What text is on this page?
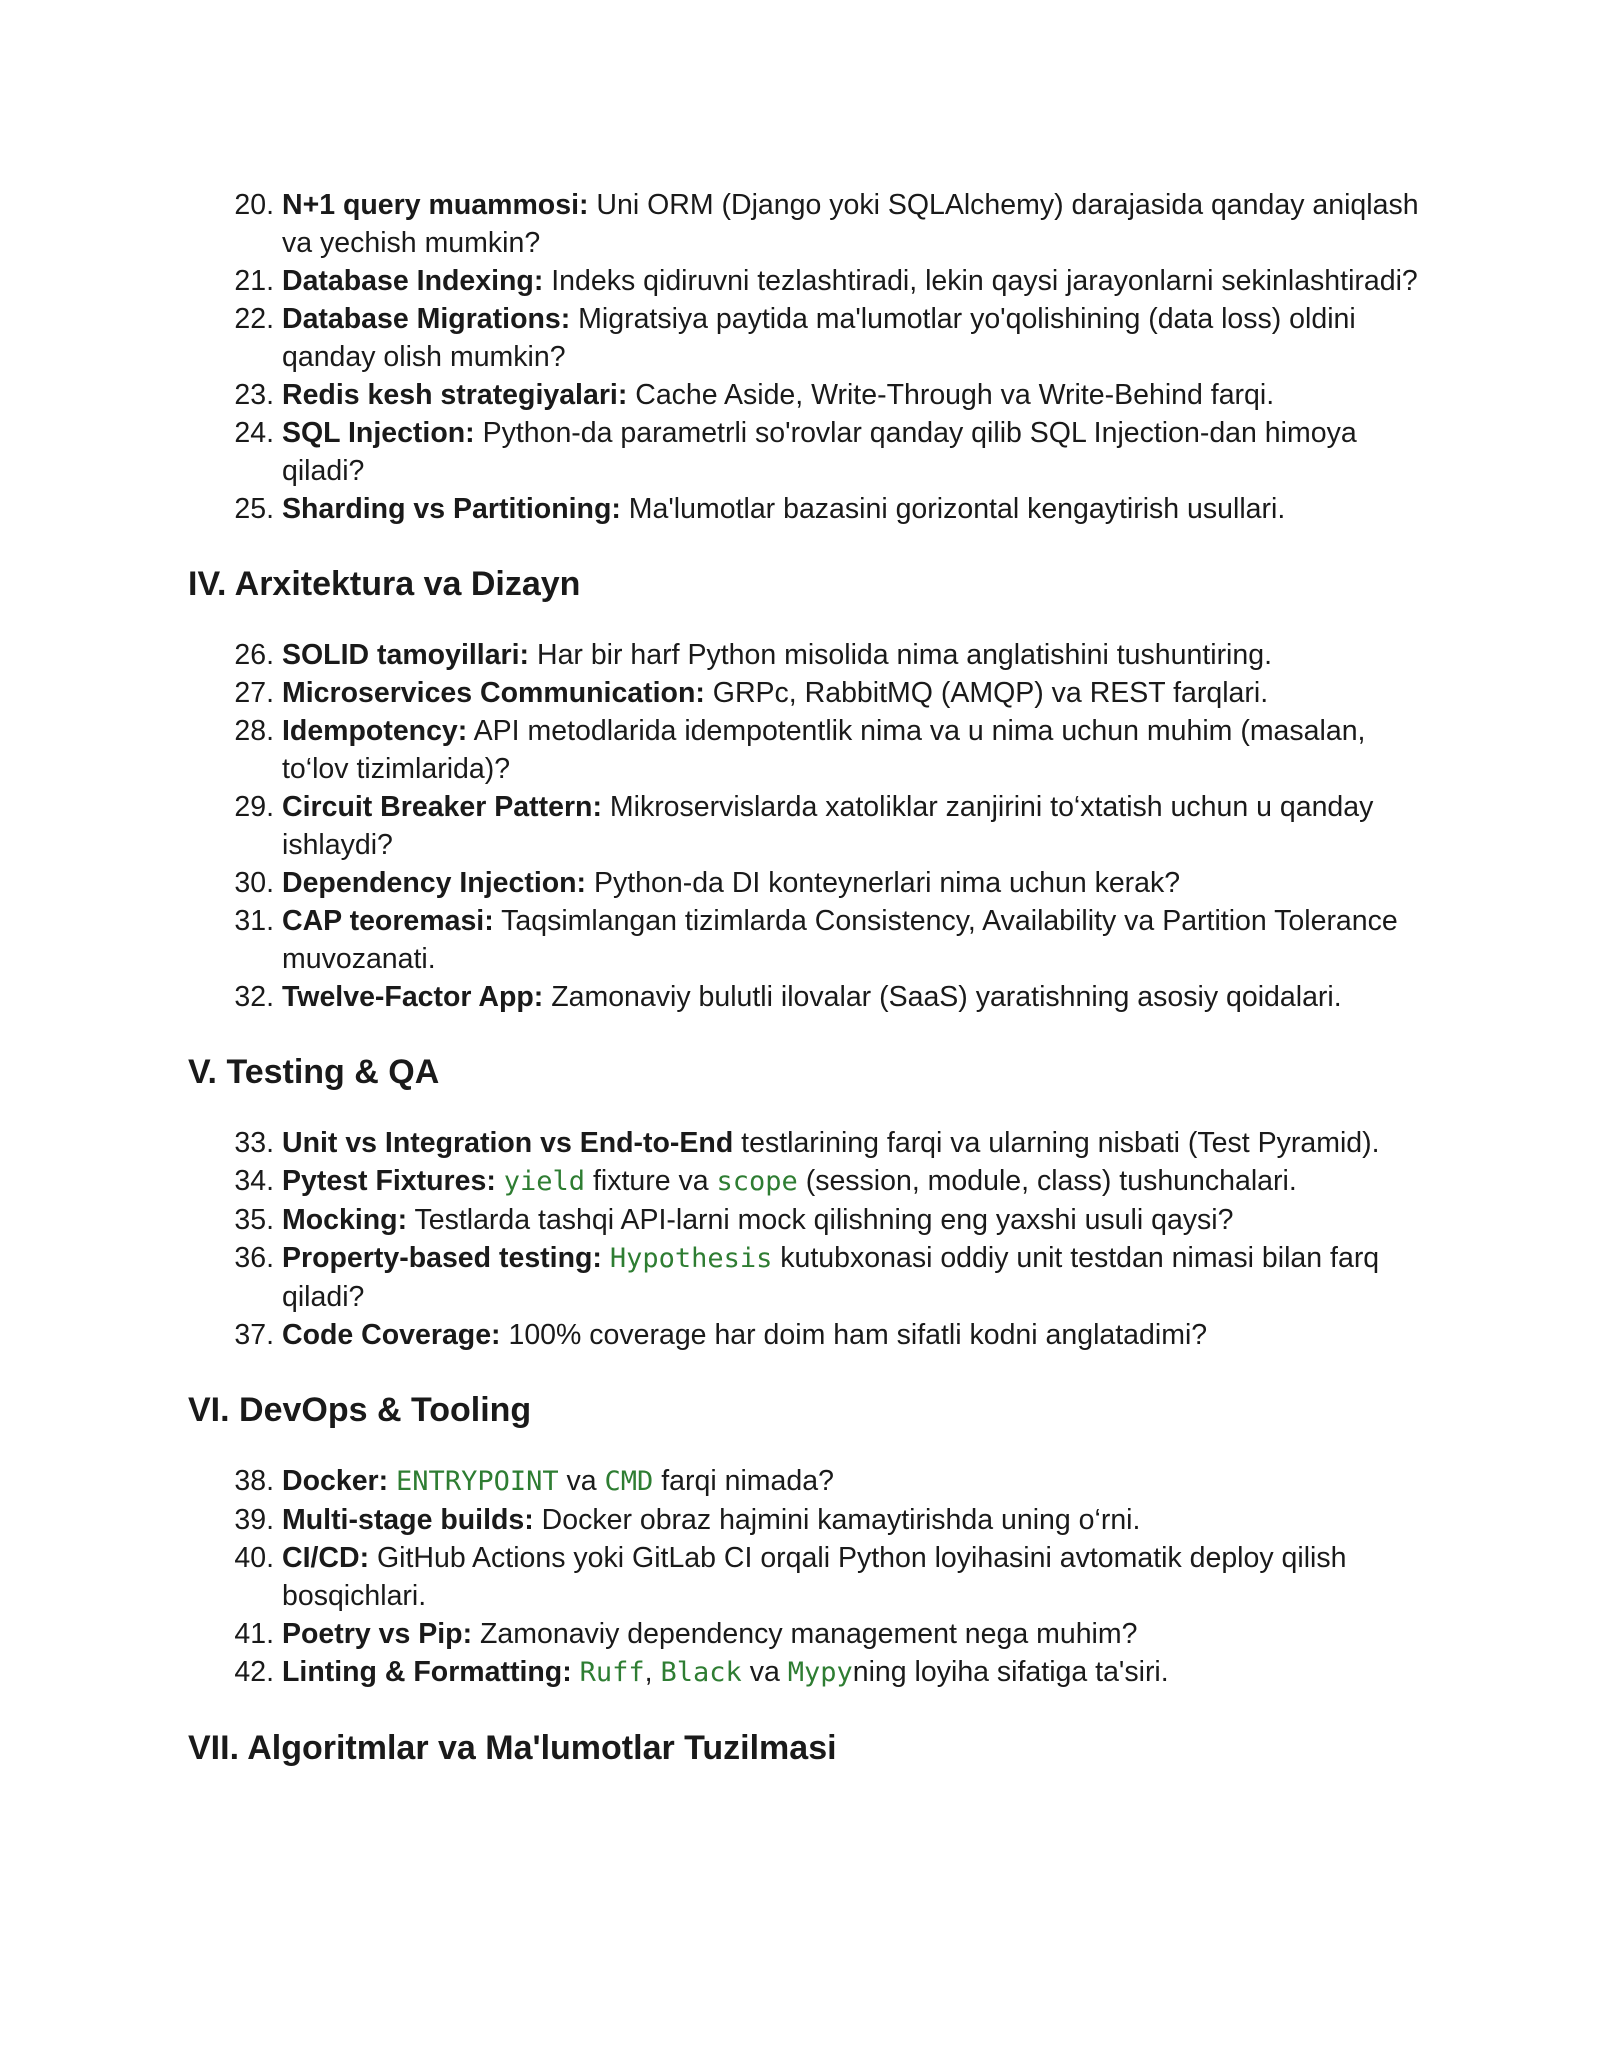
20. N+1 query muammosi: Uni ORM (Django yoki SQLAlchemy) darajasida qanday aniqlash va yechish mumkin?
21. Database Indexing: Indeks qidiruvni tezlashtiradi, lekin qaysi jarayonlarni sekinlashtiradi?
22. Database Migrations: Migratsiya paytida ma'lumotlar yo'qolishining (data loss) oldini qanday olish mumkin?
23. Redis kesh strategiyalari: Cache Aside, Write-Through va Write-Behind farqi.
24. SQL Injection: Python-da parametrli so'rovlar qanday qilib SQL Injection-dan himoya qiladi?
25. Sharding vs Partitioning: Ma'lumotlar bazasini gorizontal kengaytirish usullari.
IV. Arxitektura va Dizayn
26. SOLID tamoyillari: Har bir harf Python misolida nima anglatishini tushuntiring.
27. Microservices Communication: GRPc, RabbitMQ (AMQP) va REST farqlari.
28. Idempotency: API metodlarida idempotentlik nima va u nima uchun muhim (masalan, to‘lov tizimlarida)?
29. Circuit Breaker Pattern: Mikroservislarda xatoliklar zanjirini to‘xtatish uchun u qanday ishlaydi?
30. Dependency Injection: Python-da DI konteynerlari nima uchun kerak?
31. CAP teoremasi: Taqsimlangan tizimlarda Consistency, Availability va Partition Tolerance muvozanati.
32. Twelve-Factor App: Zamonaviy bulutli ilovalar (SaaS) yaratishning asosiy qoidalari.
V. Testing & QA
33. Unit vs Integration vs End-to-End testlarining farqi va ularning nisbati (Test Pyramid).
34. Pytest Fixtures: yield fixture va scope (session, module, class) tushunchalari.
35. Mocking: Testlarda tashqi API-larni mock qilishning eng yaxshi usuli qaysi?
36. Property-based testing: Hypothesis kutubxonasi oddiy unit testdan nimasi bilan farq qiladi?
37. Code Coverage: 100% coverage har doim ham sifatli kodni anglatadimi?
VI. DevOps & Tooling
38. Docker: ENTRYPOINT va CMD farqi nimada?
39. Multi-stage builds: Docker obraz hajmini kamaytirishda uning o‘rni.
40. CI/CD: GitHub Actions yoki GitLab CI orqali Python loyihasini avtomatik deploy qilish bosqichlari.
41. Poetry vs Pip: Zamonaviy dependency management nega muhim?
42. Linting & Formatting: Ruff, Black va Mypyning loyiha sifatiga ta'siri.
VII. Algoritmlar va Ma'lumotlar Tuzilmasi
